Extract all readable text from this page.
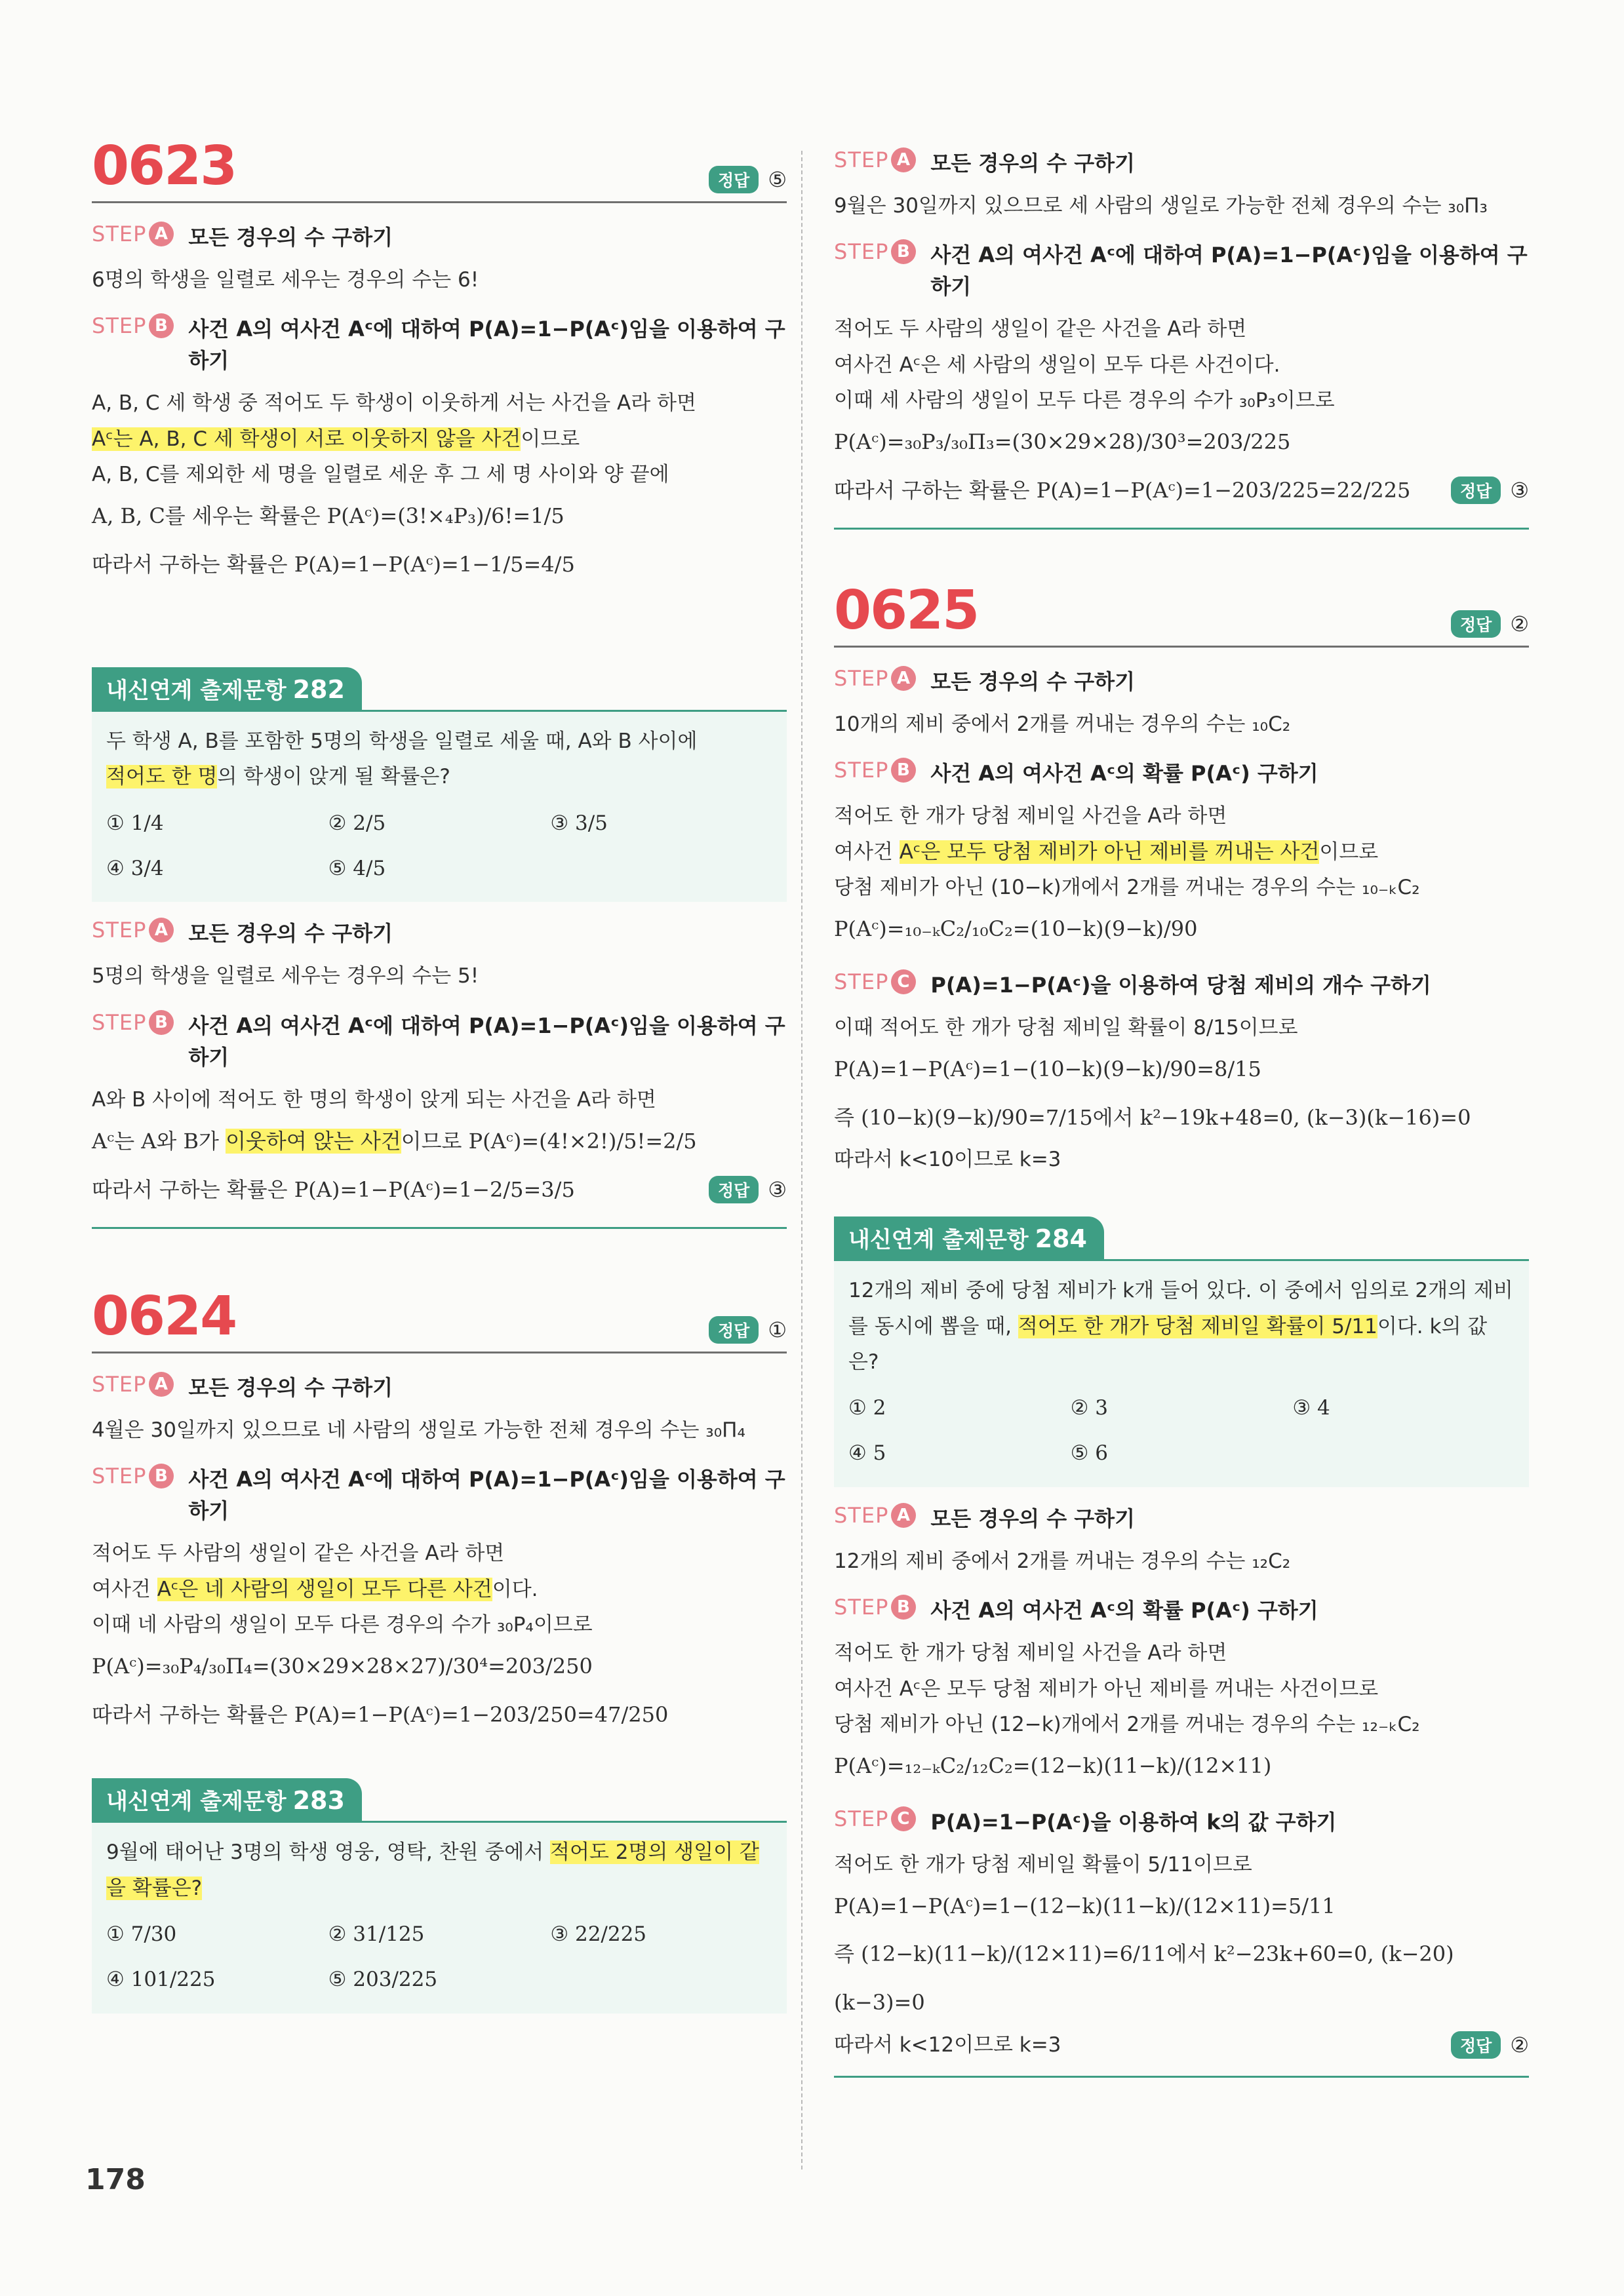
0623	정답 ⑤
STEP A 모든 경우의 수 구하기
6명의 학생을 일렬로 세우는 경우의 수는 6!
STEP B 사건 A의 여사건 Aᶜ에 대하여 P(A)=1−P(Aᶜ)임을 이용하여 구하기
A, B, C 세 학생 중 적어도 두 학생이 이웃하게 서는 사건을 A라 하면
Aᶜ는 A, B, C 세 학생이 서로 이웃하지 않을 사건이므로
A, B, C를 제외한 세 명을 일렬로 세운 후 그 세 명 사이와 양 끝에
A, B, C를 세우는 확률은 P(Aᶜ)=(3!×₄P₃)/6!=1/5
따라서 구하는 확률은 P(A)=1−P(Aᶜ)=1−1/5=4/5
내신연계 출제문항 282
두 학생 A, B를 포함한 5명의 학생을 일렬로 세울 때, A와 B 사이에
적어도 한 명의 학생이 앉게 될 확률은?
① 1/4	② 2/5	③ 3/5
④ 3/4	⑤ 4/5
STEP A 모든 경우의 수 구하기
5명의 학생을 일렬로 세우는 경우의 수는 5!
STEP B 사건 A의 여사건 Aᶜ에 대하여 P(A)=1−P(Aᶜ)임을 이용하여 구하기
A와 B 사이에 적어도 한 명의 학생이 앉게 되는 사건을 A라 하면
Aᶜ는 A와 B가 이웃하여 앉는 사건이므로 P(Aᶜ)=(4!×2!)/5!=2/5
따라서 구하는 확률은 P(A)=1−P(Aᶜ)=1−2/5=3/5	정답 ③
0624	정답 ①
STEP A 모든 경우의 수 구하기
4월은 30일까지 있으므로 네 사람의 생일로 가능한 전체 경우의 수는 ₃₀Π₄
STEP B 사건 A의 여사건 Aᶜ에 대하여 P(A)=1−P(Aᶜ)임을 이용하여 구하기
적어도 두 사람의 생일이 같은 사건을 A라 하면
여사건 Aᶜ은 네 사람의 생일이 모두 다른 사건이다.
이때 네 사람의 생일이 모두 다른 경우의 수가 ₃₀P₄이므로
P(Aᶜ)=₃₀P₄/₃₀Π₄=(30×29×28×27)/30⁴=203/250
따라서 구하는 확률은 P(A)=1−P(Aᶜ)=1−203/250=47/250
내신연계 출제문항 283
9월에 태어난 3명의 학생 영웅, 영탁, 찬원 중에서 적어도 2명의 생일이 같을 확률은?
① 7/30	② 31/125	③ 22/225
④ 101/225	⑤ 203/225
STEP A 모든 경우의 수 구하기
9월은 30일까지 있으므로 세 사람의 생일로 가능한 전체 경우의 수는 ₃₀Π₃
STEP B 사건 A의 여사건 Aᶜ에 대하여 P(A)=1−P(Aᶜ)임을 이용하여 구하기
적어도 두 사람의 생일이 같은 사건을 A라 하면
여사건 Aᶜ은 세 사람의 생일이 모두 다른 사건이다.
이때 세 사람의 생일이 모두 다른 경우의 수가 ₃₀P₃이므로
P(Aᶜ)=₃₀P₃/₃₀Π₃=(30×29×28)/30³=203/225
따라서 구하는 확률은 P(A)=1−P(Aᶜ)=1−203/225=22/225	정답 ③
0625	정답 ②
STEP A 모든 경우의 수 구하기
10개의 제비 중에서 2개를 꺼내는 경우의 수는 ₁₀C₂
STEP B 사건 A의 여사건 Aᶜ의 확률 P(Aᶜ) 구하기
적어도 한 개가 당첨 제비일 사건을 A라 하면
여사건 Aᶜ은 모두 당첨 제비가 아닌 제비를 꺼내는 사건이므로
당첨 제비가 아닌 (10−k)개에서 2개를 꺼내는 경우의 수는 ₁₀₋ₖC₂
P(Aᶜ)=₁₀₋ₖC₂/₁₀C₂=(10−k)(9−k)/90
STEP C P(A)=1−P(Aᶜ)을 이용하여 당첨 제비의 개수 구하기
이때 적어도 한 개가 당첨 제비일 확률이 8/15이므로
P(A)=1−P(Aᶜ)=1−(10−k)(9−k)/90=8/15
즉 (10−k)(9−k)/90=7/15에서 k²−19k+48=0, (k−3)(k−16)=0
따라서 k<10이므로 k=3
내신연계 출제문항 284
12개의 제비 중에 당첨 제비가 k개 들어 있다. 이 중에서 임의로 2개의 제비
를 동시에 뽑을 때, 적어도 한 개가 당첨 제비일 확률이 5/11이다. k의 값은?
① 2	② 3	③ 4
④ 5	⑤ 6
STEP A 모든 경우의 수 구하기
12개의 제비 중에서 2개를 꺼내는 경우의 수는 ₁₂C₂
STEP B 사건 A의 여사건 Aᶜ의 확률 P(Aᶜ) 구하기
적어도 한 개가 당첨 제비일 사건을 A라 하면
여사건 Aᶜ은 모두 당첨 제비가 아닌 제비를 꺼내는 사건이므로
당첨 제비가 아닌 (12−k)개에서 2개를 꺼내는 경우의 수는 ₁₂₋ₖC₂
P(Aᶜ)=₁₂₋ₖC₂/₁₂C₂=(12−k)(11−k)/(12×11)
STEP C P(A)=1−P(Aᶜ)을 이용하여 k의 값 구하기
적어도 한 개가 당첨 제비일 확률이 5/11이므로
P(A)=1−P(Aᶜ)=1−(12−k)(11−k)/(12×11)=5/11
즉 (12−k)(11−k)/(12×11)=6/11에서 k²−23k+60=0, (k−20)(k−3)=0
따라서 k<12이므로 k=3	정답 ②
178
